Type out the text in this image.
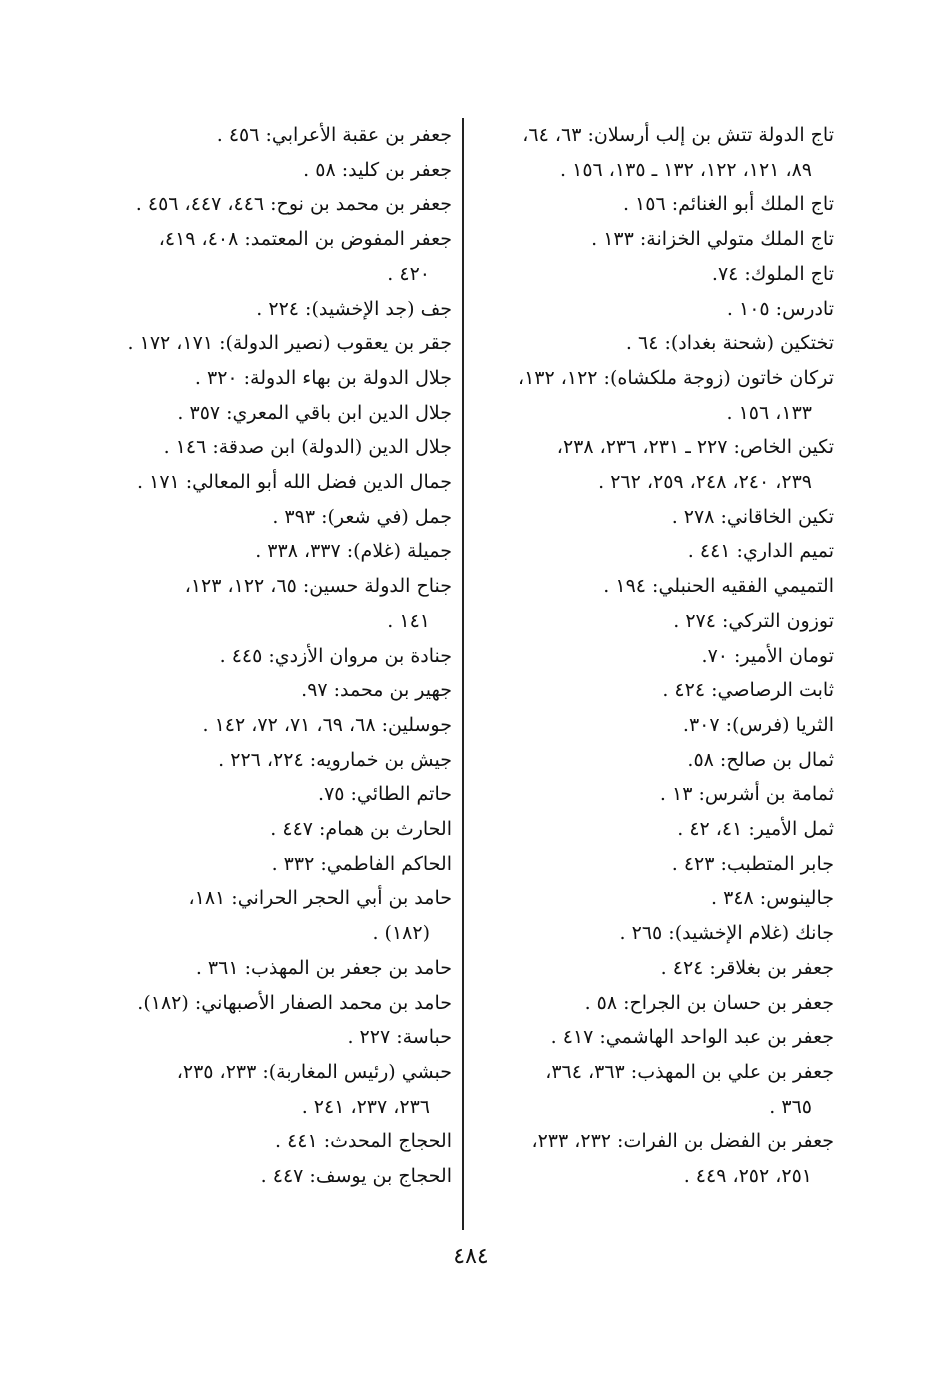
تاج الدولة تتش بن إلب أرسلان: ٦٣، ٦٤،
٨٩، ١٢١، ١٢٢، ١٣٢ ـ ١٣٥، ١٥٦ .
تاج الملك أبو الغنائم: ١٥٦ .
تاج الملك متولي الخزانة: ١٣٣ .
تاج الملوك: ٧٤.
تادرس: ١٠٥ .
تختكين (شحنة بغداد): ٦٤ .
تركان خاتون (زوجة ملكشاه): ١٢٢، ١٣٢،
١٣٣، ١٥٦ .
تكين الخاص: ٢٢٧ ـ ٢٣١، ٢٣٦، ٢٣٨،
٢٣٩، ٢٤٠، ٢٤٨، ٢٥٩، ٢٦٢ .
تكين الخاقاني: ٢٧٨ .
تميم الداري: ٤٤١ .
التميمي الفقيه الحنبلي: ١٩٤ .
توزون التركي: ٢٧٤ .
تومان الأمير: ٧٠.
ثابت الرصاصي: ٤٢٤ .
الثريا (فرس): ٣٠٧.
ثمال بن صالح: ٥٨.
ثمامة بن أشرس: ١٣ .
ثمل الأمير: ٤١، ٤٢ .
جابر المتطبب: ٤٢٣ .
جالينوس: ٣٤٨ .
جانك (غلام الإخشيد): ٢٦٥ .
جعفر بن بغلاقر: ٤٢٤ .
جعفر بن حسان بن الجراح: ٥٨ .
جعفر بن عبد الواحد الهاشمي: ٤١٧ .
جعفر بن علي بن المهذب: ٣٦٣، ٣٦٤،
٣٦٥ .
جعفر بن الفضل بن الفرات: ٢٣٢، ٢٣٣،
٢٥١، ٢٥٢، ٤٤٩ .
جعفر بن عقبة الأعرابي: ٤٥٦ .
جعفر بن كليد: ٥٨ .
جعفر بن محمد بن نوح: ٤٤٦، ٤٤٧، ٤٥٦ .
جعفر المفوض بن المعتمد: ٤٠٨، ٤١٩،
٤٢٠ .
جف (جد الإخشيد): ٢٢٤ .
جقر بن يعقوب (نصير الدولة): ١٧١، ١٧٢ .
جلال الدولة بن بهاء الدولة: ٣٢٠ .
جلال الدين ابن باقي المعري: ٣٥٧ .
جلال الدين (الدولة) ابن صدقة: ١٤٦ .
جمال الدين فضل الله أبو المعالي: ١٧١ .
جمل (في شعر): ٣٩٣ .
جميلة (غلام): ٣٣٧، ٣٣٨ .
جناح الدولة حسين: ٦٥، ١٢٢، ١٢٣،
١٤١ .
جنادة بن مروان الأزدي: ٤٤٥ .
جهير بن محمد: ٩٧.
جوسلين: ٦٨، ٦٩، ٧١، ٧٢، ١٤٢ .
جيش بن خمارويه: ٢٢٤، ٢٢٦ .
حاتم الطائي: ٧٥.
الحارث بن همام: ٤٤٧ .
الحاكم الفاطمي: ٣٣٢ .
حامد بن أبي الحجر الحراني: ١٨١،
(١٨٢) .
حامد بن جعفر بن المهذب: ٣٦١ .
حامد بن محمد الصفار الأصبهاني: (١٨٢).
حباسة: ٢٢٧ .
حبشي (رئيس المغاربة): ٢٣٣، ٢٣٥،
٢٣٦، ٢٣٧، ٢٤١ .
الحجاج المحدث: ٤٤١ .
الحجاج بن يوسف: ٤٤٧ .
٤٨٤
